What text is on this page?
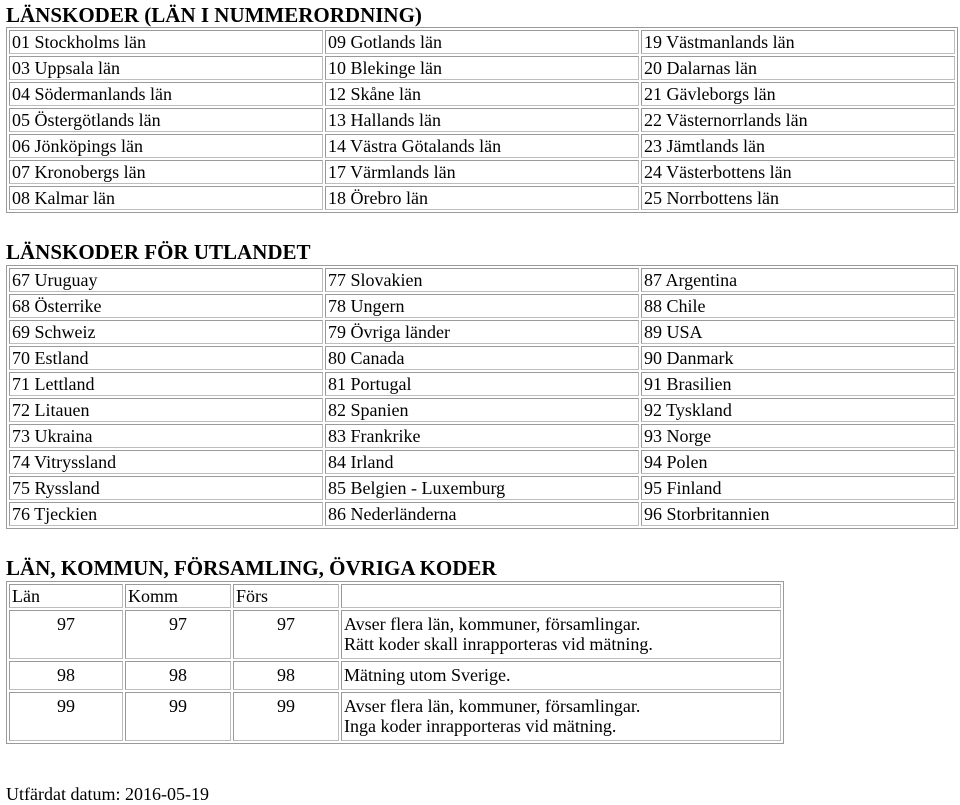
LÄNSKODER (LÄN I NUMMERORDNING)
01 Stockholms län	09 Gotlands län	19 Västmanlands län
03 Uppsala län	10 Blekinge län	20 Dalarnas län
04 Södermanlands län	12 Skåne län	21 Gävleborgs län
05 Östergötlands län	13 Hallands län	22 Västernorrlands län
06 Jönköpings län	14 Västra Götalands län	23 Jämtlands län
07 Kronobergs län	17 Värmlands län	24 Västerbottens län
08 Kalmar län	18 Örebro län	25 Norrbottens län
LÄNSKODER FÖR UTLANDET
67 Uruguay	77 Slovakien	87 Argentina
68 Österrike	78 Ungern	88 Chile
69 Schweiz	79 Övriga länder	89 USA
70 Estland	80 Canada	90 Danmark
71 Lettland	81 Portugal	91 Brasilien
72 Litauen	82 Spanien	92 Tyskland
73 Ukraina	83 Frankrike	93 Norge
74 Vitryssland	84 Irland	94 Polen
75 Ryssland	85 Belgien - Luxemburg	95 Finland
76 Tjeckien	86 Nederländerna	96 Storbritannien
LÄN, KOMMUN, FÖRSAMLING, ÖVRIGA KODER
Län	Komm	Förs	
97	97	97	Avser flera län, kommuner, församlingar.
Rätt koder skall inrapporteras vid mätning.

98	98	98	Mätning utom Sverige.

99	99	99	Avser flera län, kommuner, församlingar.
Inga koder inrapporteras vid mätning.
Utfärdat datum: 2016-05-19
